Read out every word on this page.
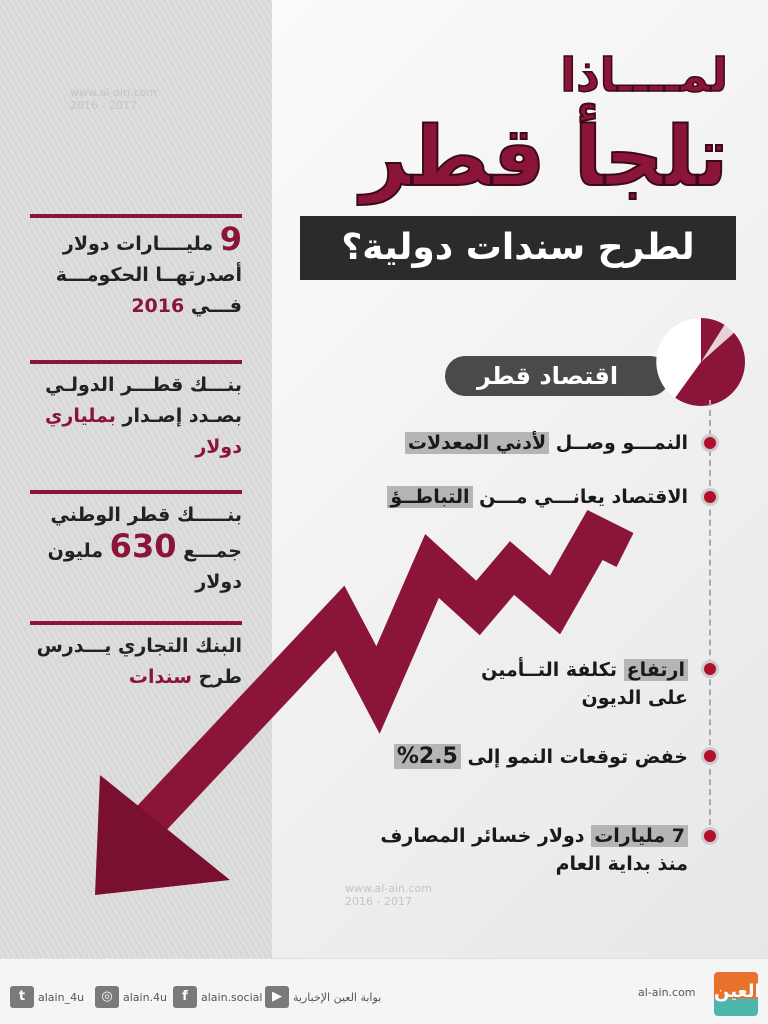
www.al-ain.com
2016 - 2017
www.al-ain.com
2016 - 2017
لمــــاذا
تلجأ قطر
لطرح سندات دولية؟
9 مليــــارات دولار
أصدرتهــا الحكومـــة
فـــي 2016
بنـــك قطـــر الدولـي
بصـدد إصـدار بملياري
دولار
بنـــــك قطر الوطني
جمـــع 630 مليون
دولار
البنك التجاري يـــدرس
طرح سندات
اقتصاد قطر
النمـــو وصــل لأدني المعدلات
الاقتصاد يعانـــي مـــن التباطــؤ
ارتفاع تكلفة التــأمين
على الديون
خفض توقعات النمو إلى 2.5%
7 مليارات دولار خسائر المصارف
منذ بداية العام
t	alain_4u	◎ alain.4u	f	alain.social ▶	بوابة العين الإخبارية	al-ain.com العين
